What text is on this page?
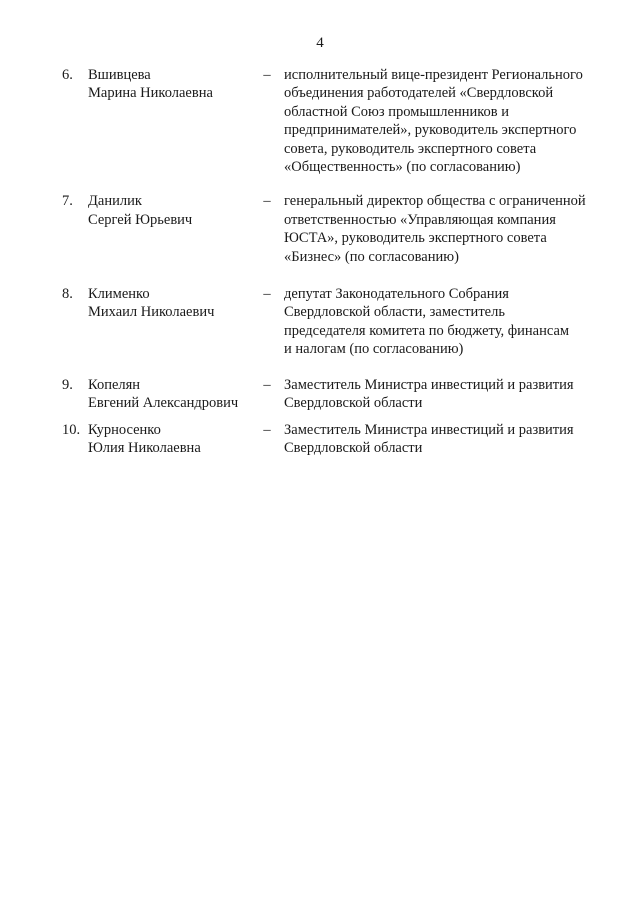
4
6.	Вшивцева
Марина Николаевна
– исполнительный вице-президент Регионального
объединения работодателей «Свердловской
областной Союз промышленников и
предпринимателей», руководитель экспертного
совета, руководитель экспертного совета
«Общественность» (по согласованию)
7.	Данилик
Сергей Юрьевич
– генеральный директор общества с ограниченной
ответственностью «Управляющая компания
ЮСТА», руководитель экспертного совета
«Бизнес» (по согласованию)
8.	Клименко
Михаил Николаевич
– депутат Законодательного Собрания
Свердловской области, заместитель
председателя комитета по бюджету, финансам
и налогам (по согласованию)
9.	Копелян
Евгений Александрович
– Заместитель Министра инвестиций и развития
Свердловской области
10. Курносенко
Юлия Николаевна
– Заместитель Министра инвестиций и развития
Свердловской области
